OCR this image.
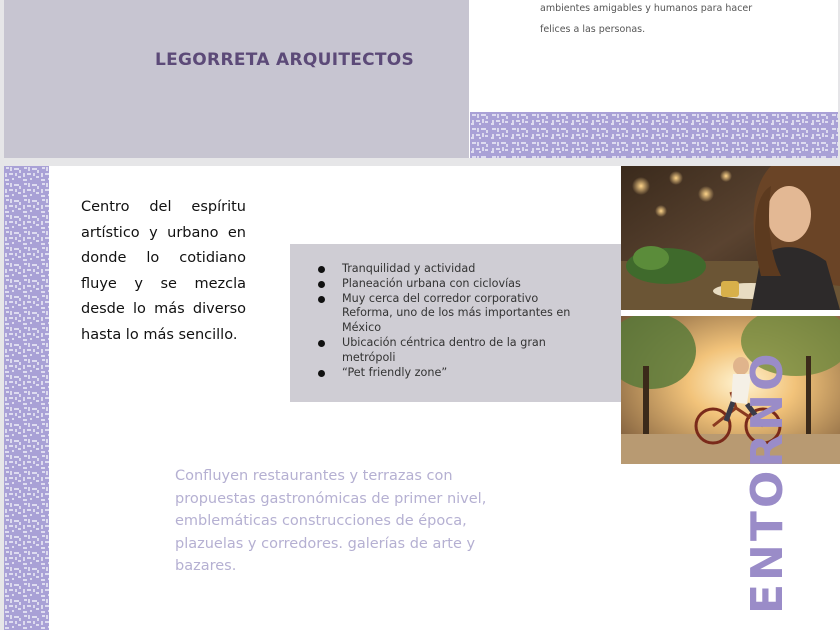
LEGORRETA ARQUITECTOS
ambientes amigables y humanos para hacer
felices a las personas.
Centro del espíritu artístico y urbano en donde lo cotidiano fluye y se mezcla desde lo más diverso hasta lo más sencillo.
Tranquilidad y actividad
Planeación urbana con ciclovías
Muy cerca del corredor corporativo Reforma, uno de los más importantes en México
Ubicación céntrica dentro de la gran metrópoli
“Pet friendly zone”
Confluyen restaurantes y terrazas con propuestas gastronómicas de primer nivel, emblemáticas construcciones de época, plazuelas y corredores. galerías de arte y bazares.	ENTORNO
